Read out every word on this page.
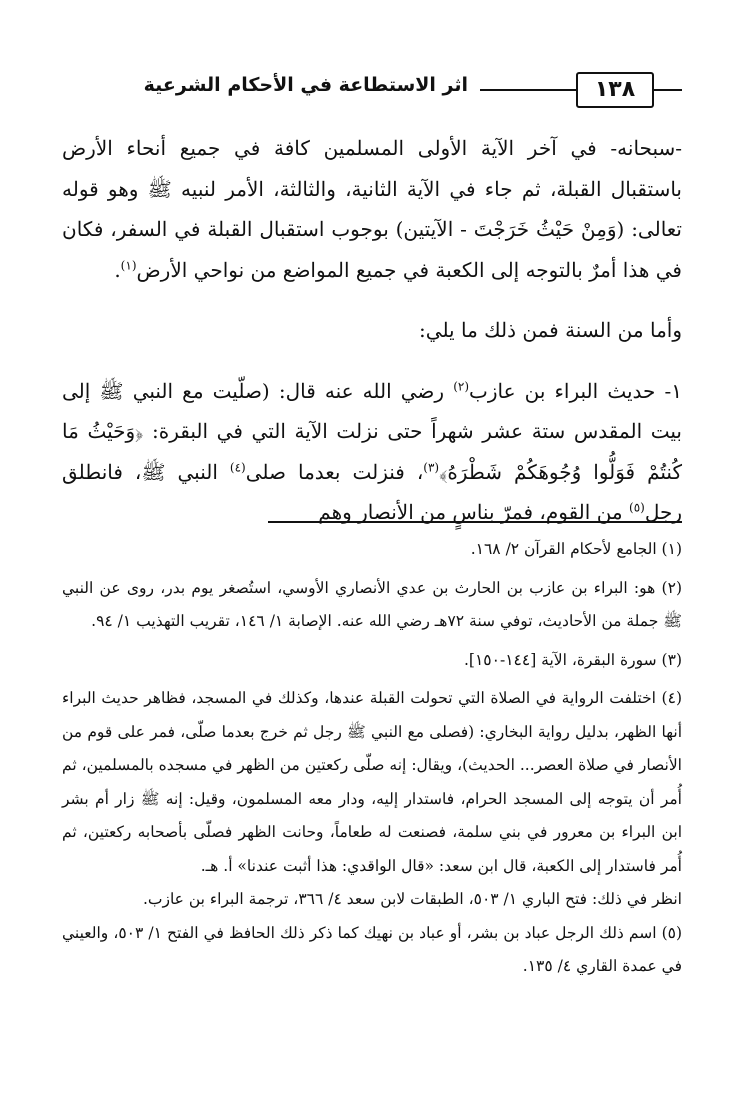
١٣٨
اثر الاستطاعة في الأحكام الشرعية

-سبحانه- في آخر الآية الأولى المسلمين كافة في جميع أنحاء الأرض باستقبال القبلة، ثم جاء في الآية الثانية، والثالثة، الأمر لنبيه ﷺ وهو قوله تعالى: (وَمِنْ حَيْثُ خَرَجْتَ - الآيتين) بوجوب استقبال القبلة في السفر، فكان في هذا أمرٌ بالتوجه إلى الكعبة في جميع المواضع من نواحي الأرض$^{(١)}$.

وأما من السنة فمن ذلك ما يلي:

١- حديث البراء بن عازب$^{(٢)}$ رضي الله عنه قال: (صلّيت مع النبي ﷺ إلى بيت المقدس ستة عشر شهراً حتى نزلت الآية التي في البقرة: ﴿وَحَيْثُ مَا كُنتُمْ فَوَلُّوا وُجُوهَكُمْ شَطْرَهُ﴾$^{(٣)}$، فنزلت بعدما صلى$^{(٤)}$ النبي ﷺ، فانطلق رجل$^{(٥)}$ من القوم، فمرّ بناسٍ من الأنصار وهم

(١) الجامع لأحكام القرآن ٢/ ١٦٨.

(٢) هو: البراء بن عازب بن الحارث بن عدي الأنصاري الأوسي، استُصغر يوم بدر، روى عن النبي ﷺ جملة من الأحاديث، توفي سنة ٧٢هـ رضي الله عنه. الإصابة ١/ ١٤٦، تقريب التهذيب ١/ ٩٤.

(٣) سورة البقرة، الآية [١٤٤-١٥٠].

(٤) اختلفت الرواية في الصلاة التي تحولت القبلة عندها، وكذلك في المسجد، فظاهر حديث البراء أنها الظهر، بدليل رواية البخاري: (فصلى مع النبي ﷺ رجل ثم خرج بعدما صلّى، فمر على قوم من الأنصار في صلاة العصر... الحديث)، ويقال: إنه صلّى ركعتين من الظهر في مسجده بالمسلمين، ثم أُمر أن يتوجه إلى المسجد الحرام، فاستدار إليه، ودار معه المسلمون، وقيل: إنه ﷺ زار أم بشر ابن البراء بن معرور في بني سلمة، فصنعت له طعاماً، وحانت الظهر فصلّى بأصحابه ركعتين، ثم أُمر فاستدار إلى الكعبة، قال ابن سعد: «قال الواقدي: هذا أثبت عندنا» أ. هـ.

انظر في ذلك: فتح الباري ١/ ٥٠٣، الطبقات لابن سعد ٤/ ٣٦٦، ترجمة البراء بن عازب.

(٥) اسم ذلك الرجل عباد بن بشر، أو عباد بن نهيك كما ذكر ذلك الحافظ في الفتح ١/ ٥٠٣، والعيني في عمدة القاري ٤/ ١٣٥.
